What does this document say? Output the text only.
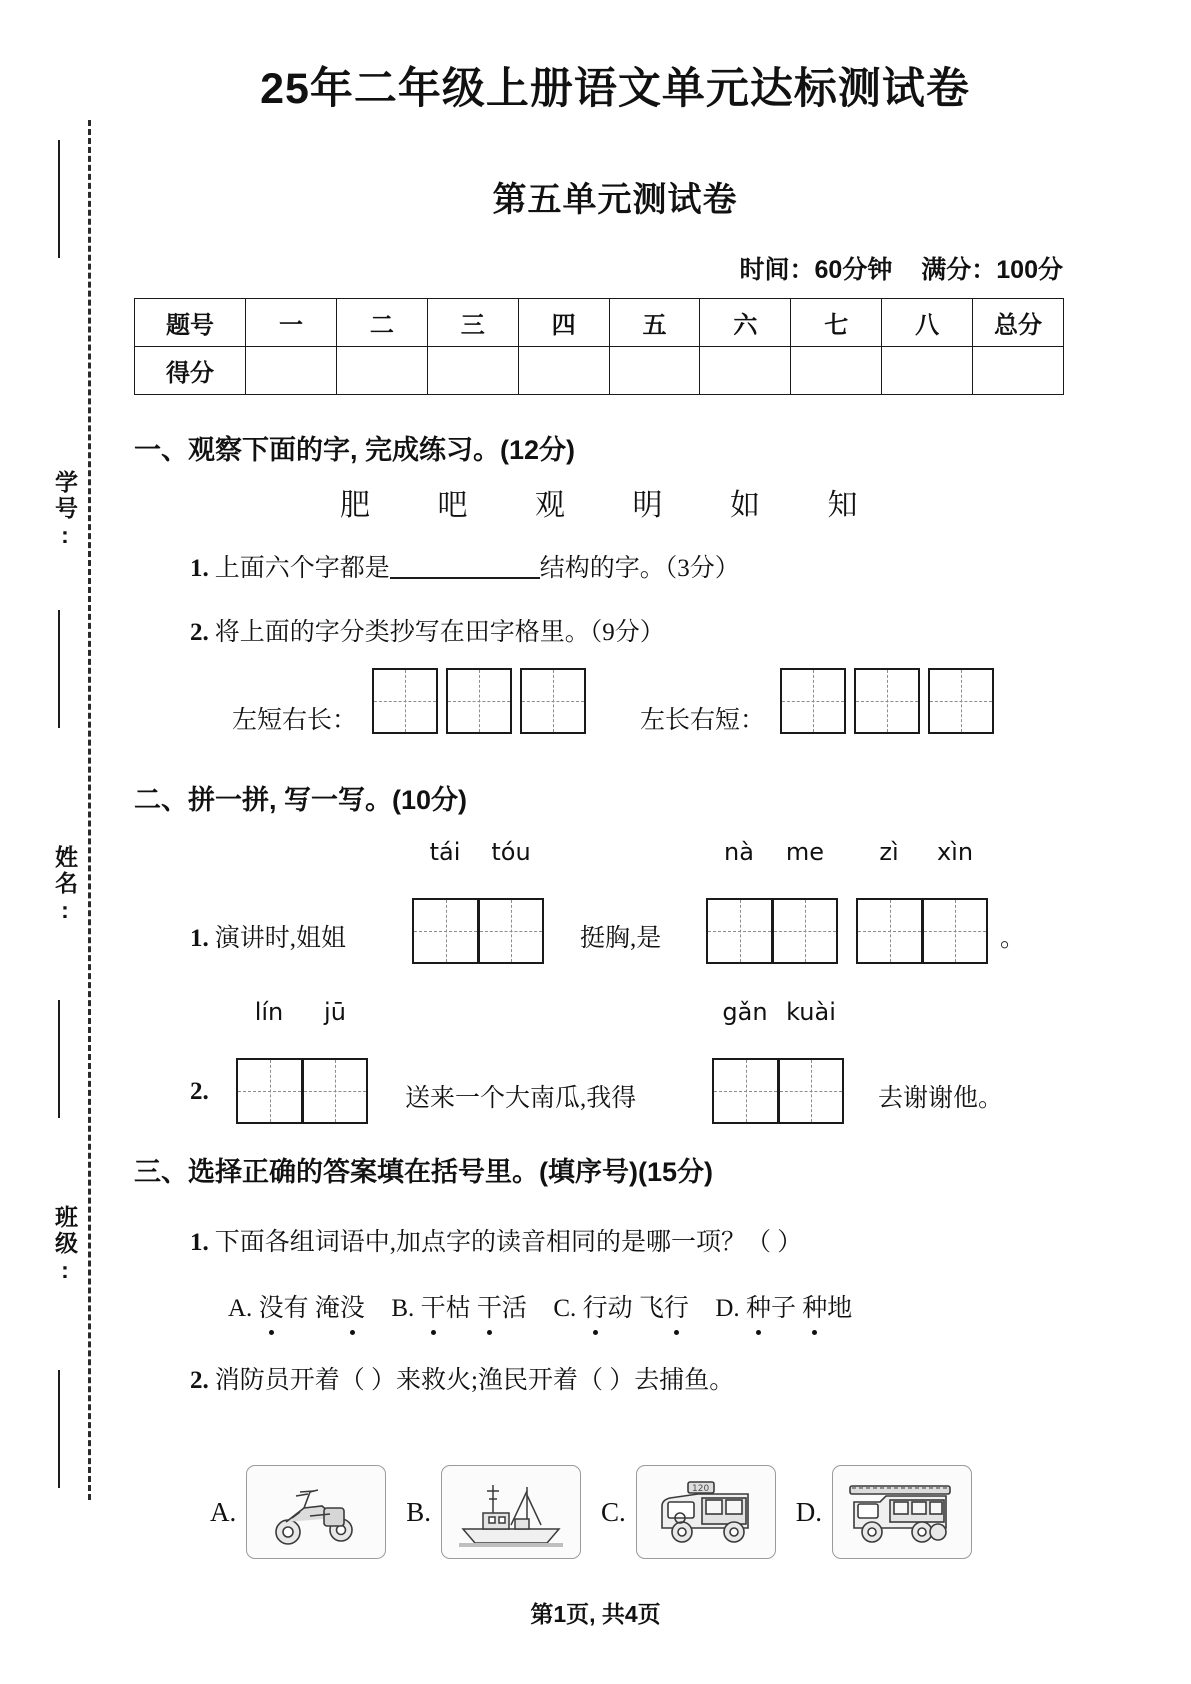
学号:
姓名:
班级:
25年二年级上册语文单元达标测试卷
第五单元测试卷
时间：60分钟 满分：100分
题号	一	二	三	四	五	六	七	八	总分
得分									
一、观察下面的字, 完成练习。(12分)
肥 吧 观 明 如 知
1. 上面六个字都是	结构的字。（3分）
2. 将上面的字分类抄写在田字格里。（9分）
左短右长：	左长右短：
二、拼一拼, 写一写。(10分)
tái tóu	nà me	zì xìn
1. 演讲时,姐姐	挺胸,是	。
lín jū	gǎn kuài
2.	送来一个大南瓜,我得	去谢谢他。
三、选择正确的答案填在括号里。(填序号)(15分)
1. 下面各组词语中,加点字的读音相同的是哪一项？（ ）
A. 没有 淹没 B. 干枯 干活 C. 行动 飞行 D. 种子 种地
2. 消防员开着（ ）来救火;渔民开着（ ）去捕鱼。
A.	B.	C.
120
D.
第1页, 共4页
